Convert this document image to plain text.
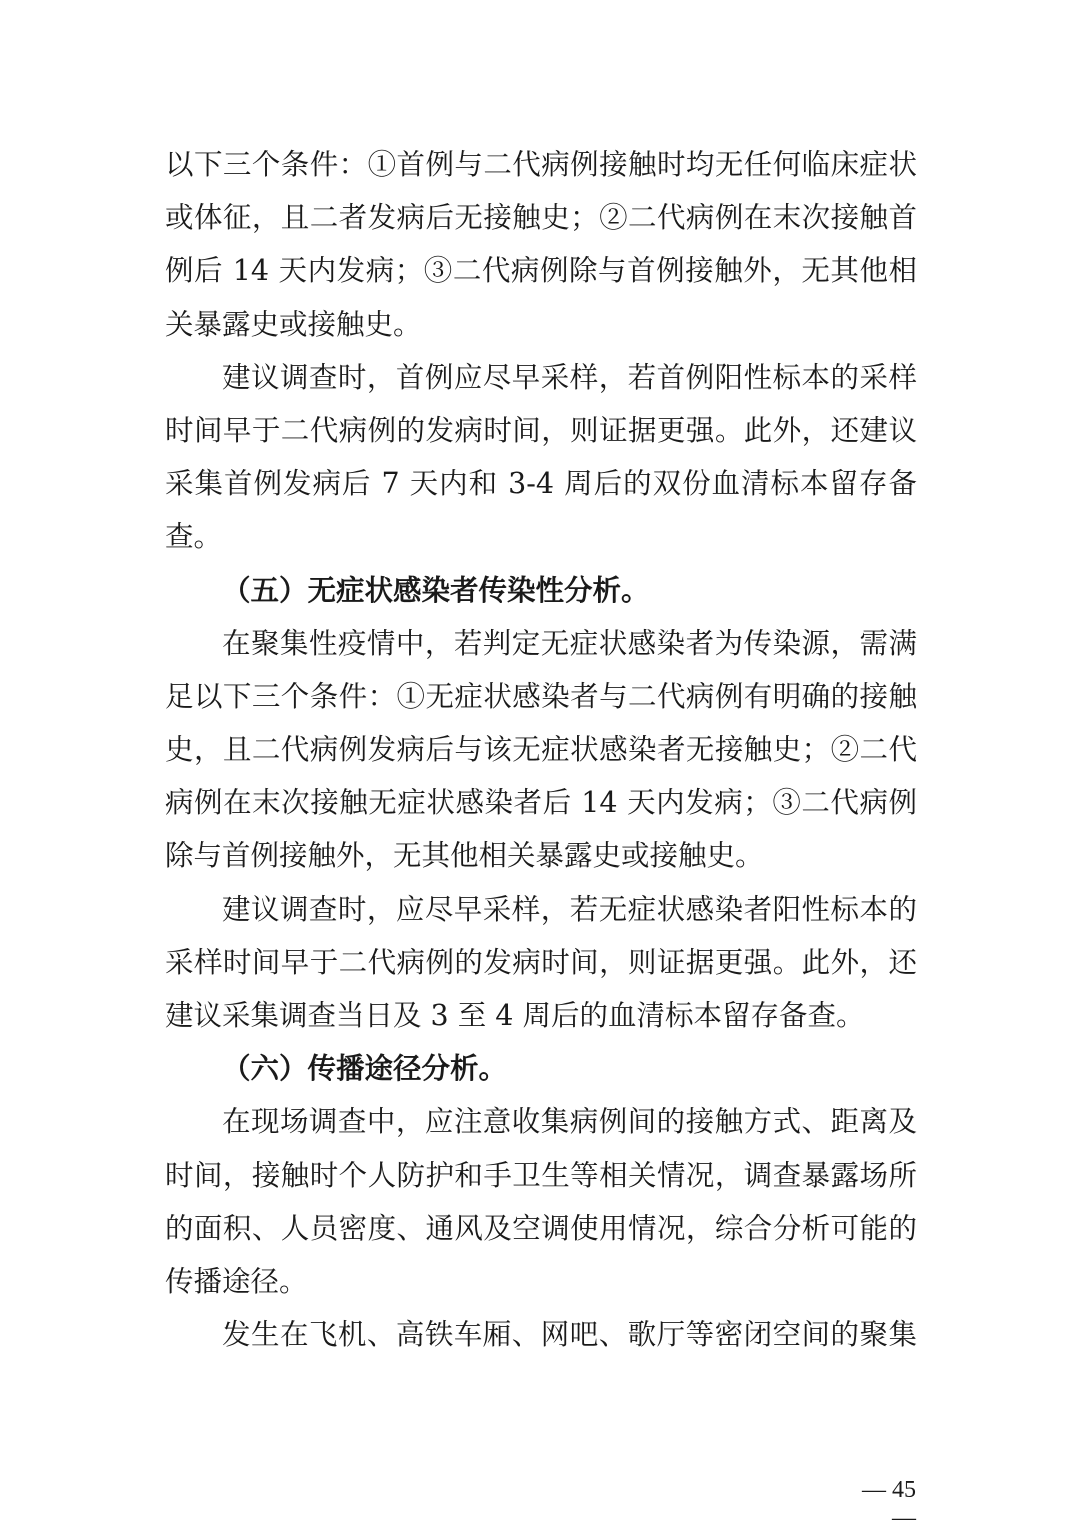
以下三个条件：①首例与二代病例接触时均无任何临床症状
或体征，且二者发病后无接触史；②二代病例在末次接触首
例后 14 天内发病；③二代病例除与首例接触外，无其他相
关暴露史或接触史。
建议调查时，首例应尽早采样，若首例阳性标本的采样
时间早于二代病例的发病时间，则证据更强。此外，还建议
采集首例发病后 7 天内和 3-4 周后的双份血清标本留存备
查。
（五）无症状感染者传染性分析。
在聚集性疫情中，若判定无症状感染者为传染源，需满
足以下三个条件：①无症状感染者与二代病例有明确的接触
史，且二代病例发病后与该无症状感染者无接触史；②二代
病例在末次接触无症状感染者后 14 天内发病；③二代病例
除与首例接触外，无其他相关暴露史或接触史。
建议调查时，应尽早采样，若无症状感染者阳性标本的
采样时间早于二代病例的发病时间，则证据更强。此外，还
建议采集调查当日及 3 至 4 周后的血清标本留存备查。
（六）传播途径分析。
在现场调查中，应注意收集病例间的接触方式、距离及
时间，接触时个人防护和手卫生等相关情况，调查暴露场所
的面积、人员密度、通风及空调使用情况，综合分析可能的
传播途径。
发生在飞机、高铁车厢、网吧、歌厅等密闭空间的聚集
— 45 —
